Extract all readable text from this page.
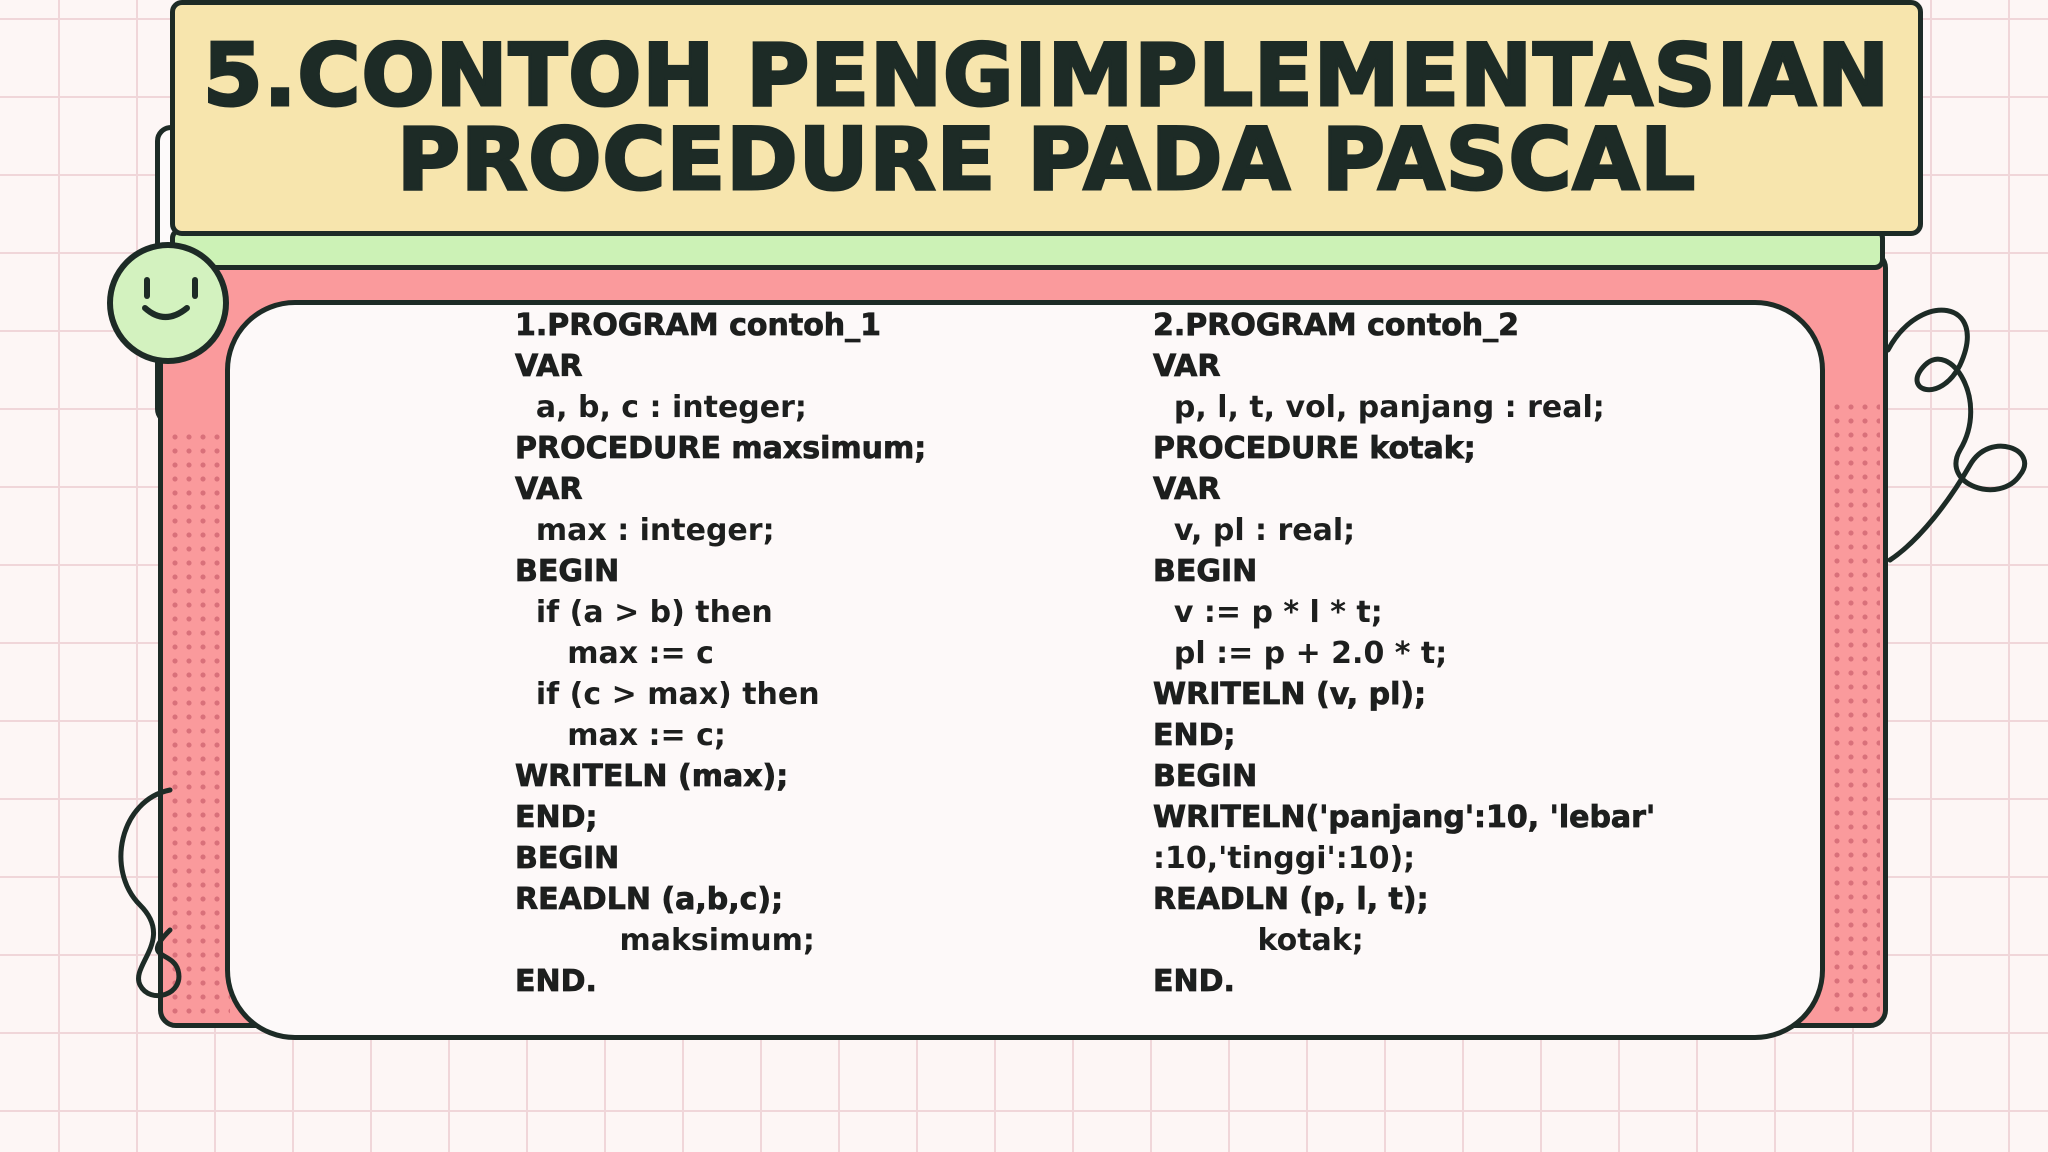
5.CONTOH PENGIMPLEMENTASIAN
PROCEDURE PADA PASCAL
1.PROGRAM contoh_1
VAR
a, b, c : integer;
PROCEDURE maxsimum;
VAR
max : integer;
BEGIN
if (a > b) then
max := c
if (c > max) then
max := c;
WRITELN (max);
END;
BEGIN
READLN (a,b,c);
maksimum;
END.
2.PROGRAM contoh_2
VAR
p, l, t, vol, panjang : real;
PROCEDURE kotak;
VAR
v, pl : real;
BEGIN
v := p * l * t;
pl := p + 2.0 * t;
WRITELN (v, pl);
END;
BEGIN
WRITELN('panjang':10, 'lebar'
:10,'tinggi':10);
READLN (p, l, t);
kotak;
END.
